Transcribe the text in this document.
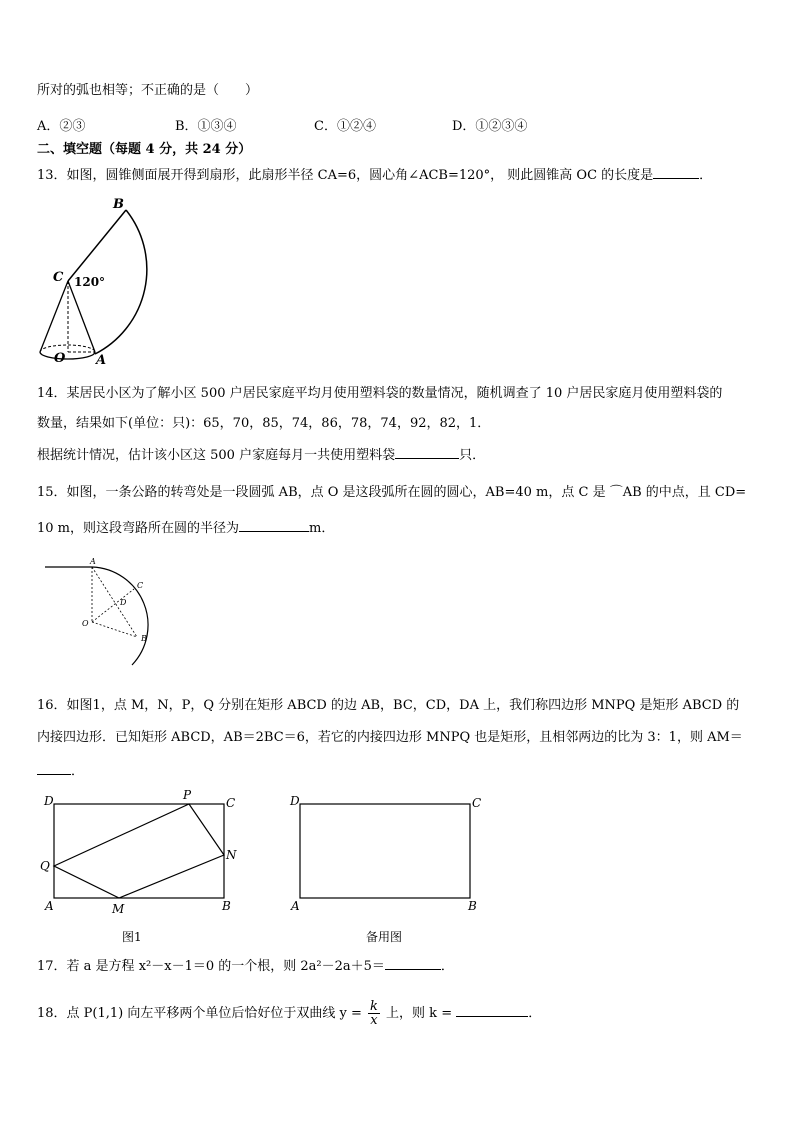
所对的弧也相等；不正确的是（　　）
A．②③	B．①③④	C．①②④	D．①②③④
二、填空题（每题 4 分，共 24 分）
13．如图，圆锥侧面展开得到扇形，此扇形半径 CA=6，圆心角∠ACB=120°， 则此圆锥高 OC 的长度是	．
B
C 120°
O A
14．某居民小区为了解小区 500 户居民家庭平均月使用塑料袋的数量情况，随机调查了 10 户居民家庭月使用塑料袋的
数量，结果如下(单位：只)：65，70，85，74，86，78，74，92，82，1．
根据统计情况，估计该小区这 500 户家庭每月一共使用塑料袋	只．
15．如图，一条公路的转弯处是一段圆弧 AB，点 O 是这段弧所在圆的圆心，AB=40 m，点 C 是 ⌒AB 的中点，且 CD=
10 m，则这段弯路所在圆的半径为	m．
A
C
D
O
B
16．如图1，点 M，N，P，Q 分别在矩形 ABCD 的边 AB，BC，CD，DA 上，我们称四边形 MNPQ 是矩形 ABCD 的
内接四边形．已知矩形 ABCD，AB＝2BC＝6，若它的内接四边形 MNPQ 也是矩形，且相邻两边的比为 3：1，则 AM＝
．
D	P
C
Q
N
A	M	B
图1
D	C
A	B
备用图
17．若 a 是方程 x²－x－1＝0 的一个根，则 2a²－2a＋5＝	．
18．点 P(1,1) 向左平移两个单位后恰好位于双曲线 $y = \frac{k}{x}$ 上，则 k =	．
